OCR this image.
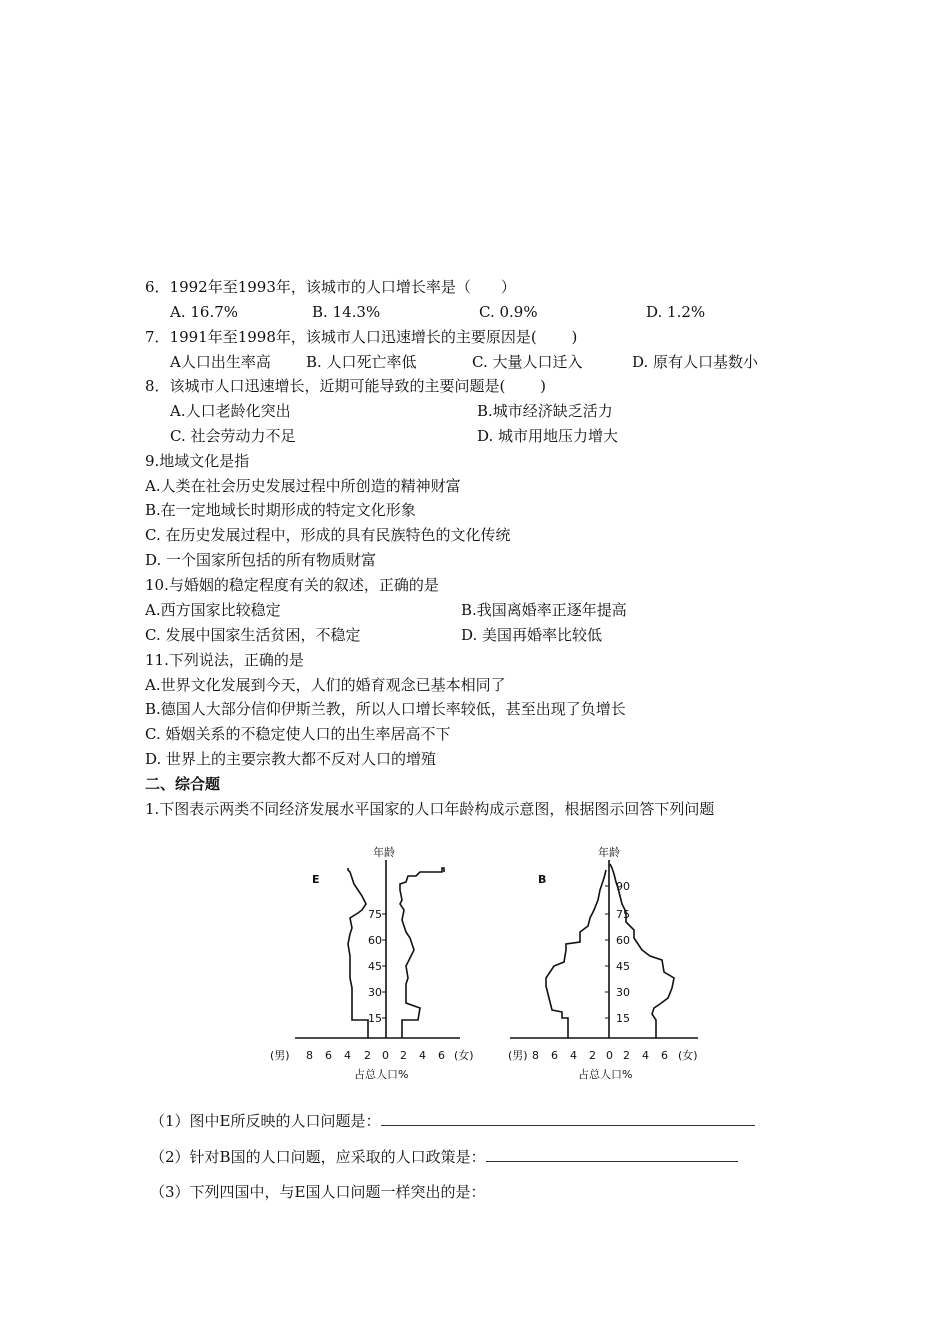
6．1992年至1993年，该城市的人口增长率是（　　）
A. 16.7%	B. 14.3%	C. 0.9%	D. 1.2%
7．1991年至1998年，该城市人口迅速增长的主要原因是(　　 )
A人口出生率高 B. 人口死亡率低	C. 大量人口迁入	D. 原有人口基数小
8．该城市人口迅速增长，近期可能导致的主要问题是(　　 )
A.人口老龄化突出	B.城市经济缺乏活力
C. 社会劳动力不足	D. 城市用地压力增大
9.地域文化是指
A.人类在社会历史发展过程中所创造的精神财富
B.在一定地域长时期形成的特定文化形象
C. 在历史发展过程中，形成的具有民族特色的文化传统
D. 一个国家所包括的所有物质财富
10.与婚姻的稳定程度有关的叙述，正确的是
A.西方国家比较稳定	B.我国离婚率正逐年提高
C. 发展中国家生活贫困，不稳定	D. 美国再婚率比较低
11.下列说法，正确的是
A.世界文化发展到今天，人们的婚育观念已基本相同了
B.德国人大部分信仰伊斯兰教，所以人口增长率较低，甚至出现了负增长
C. 婚姻关系的不稳定使人口的出生率居高不下
D. 世界上的主要宗教大都不反对人口的增殖
二、综合题
1.下图表示两类不同经济发展水平国家的人口年龄构成示意图，根据图示回答下列问题
年龄
E
15
30
45
60
75
(男) 8 6 4 2 0 2 4 6 (女)
占总人口%
年龄
B
15
30
45
60
75
90
(男) 8 6 4 2 0 2 4 6 (女)
占总人口%
（1）图中E所反映的人口问题是：
（2）针对B国的人口问题，应采取的人口政策是：
（3）下列四国中，与E国人口问题一样突出的是：
